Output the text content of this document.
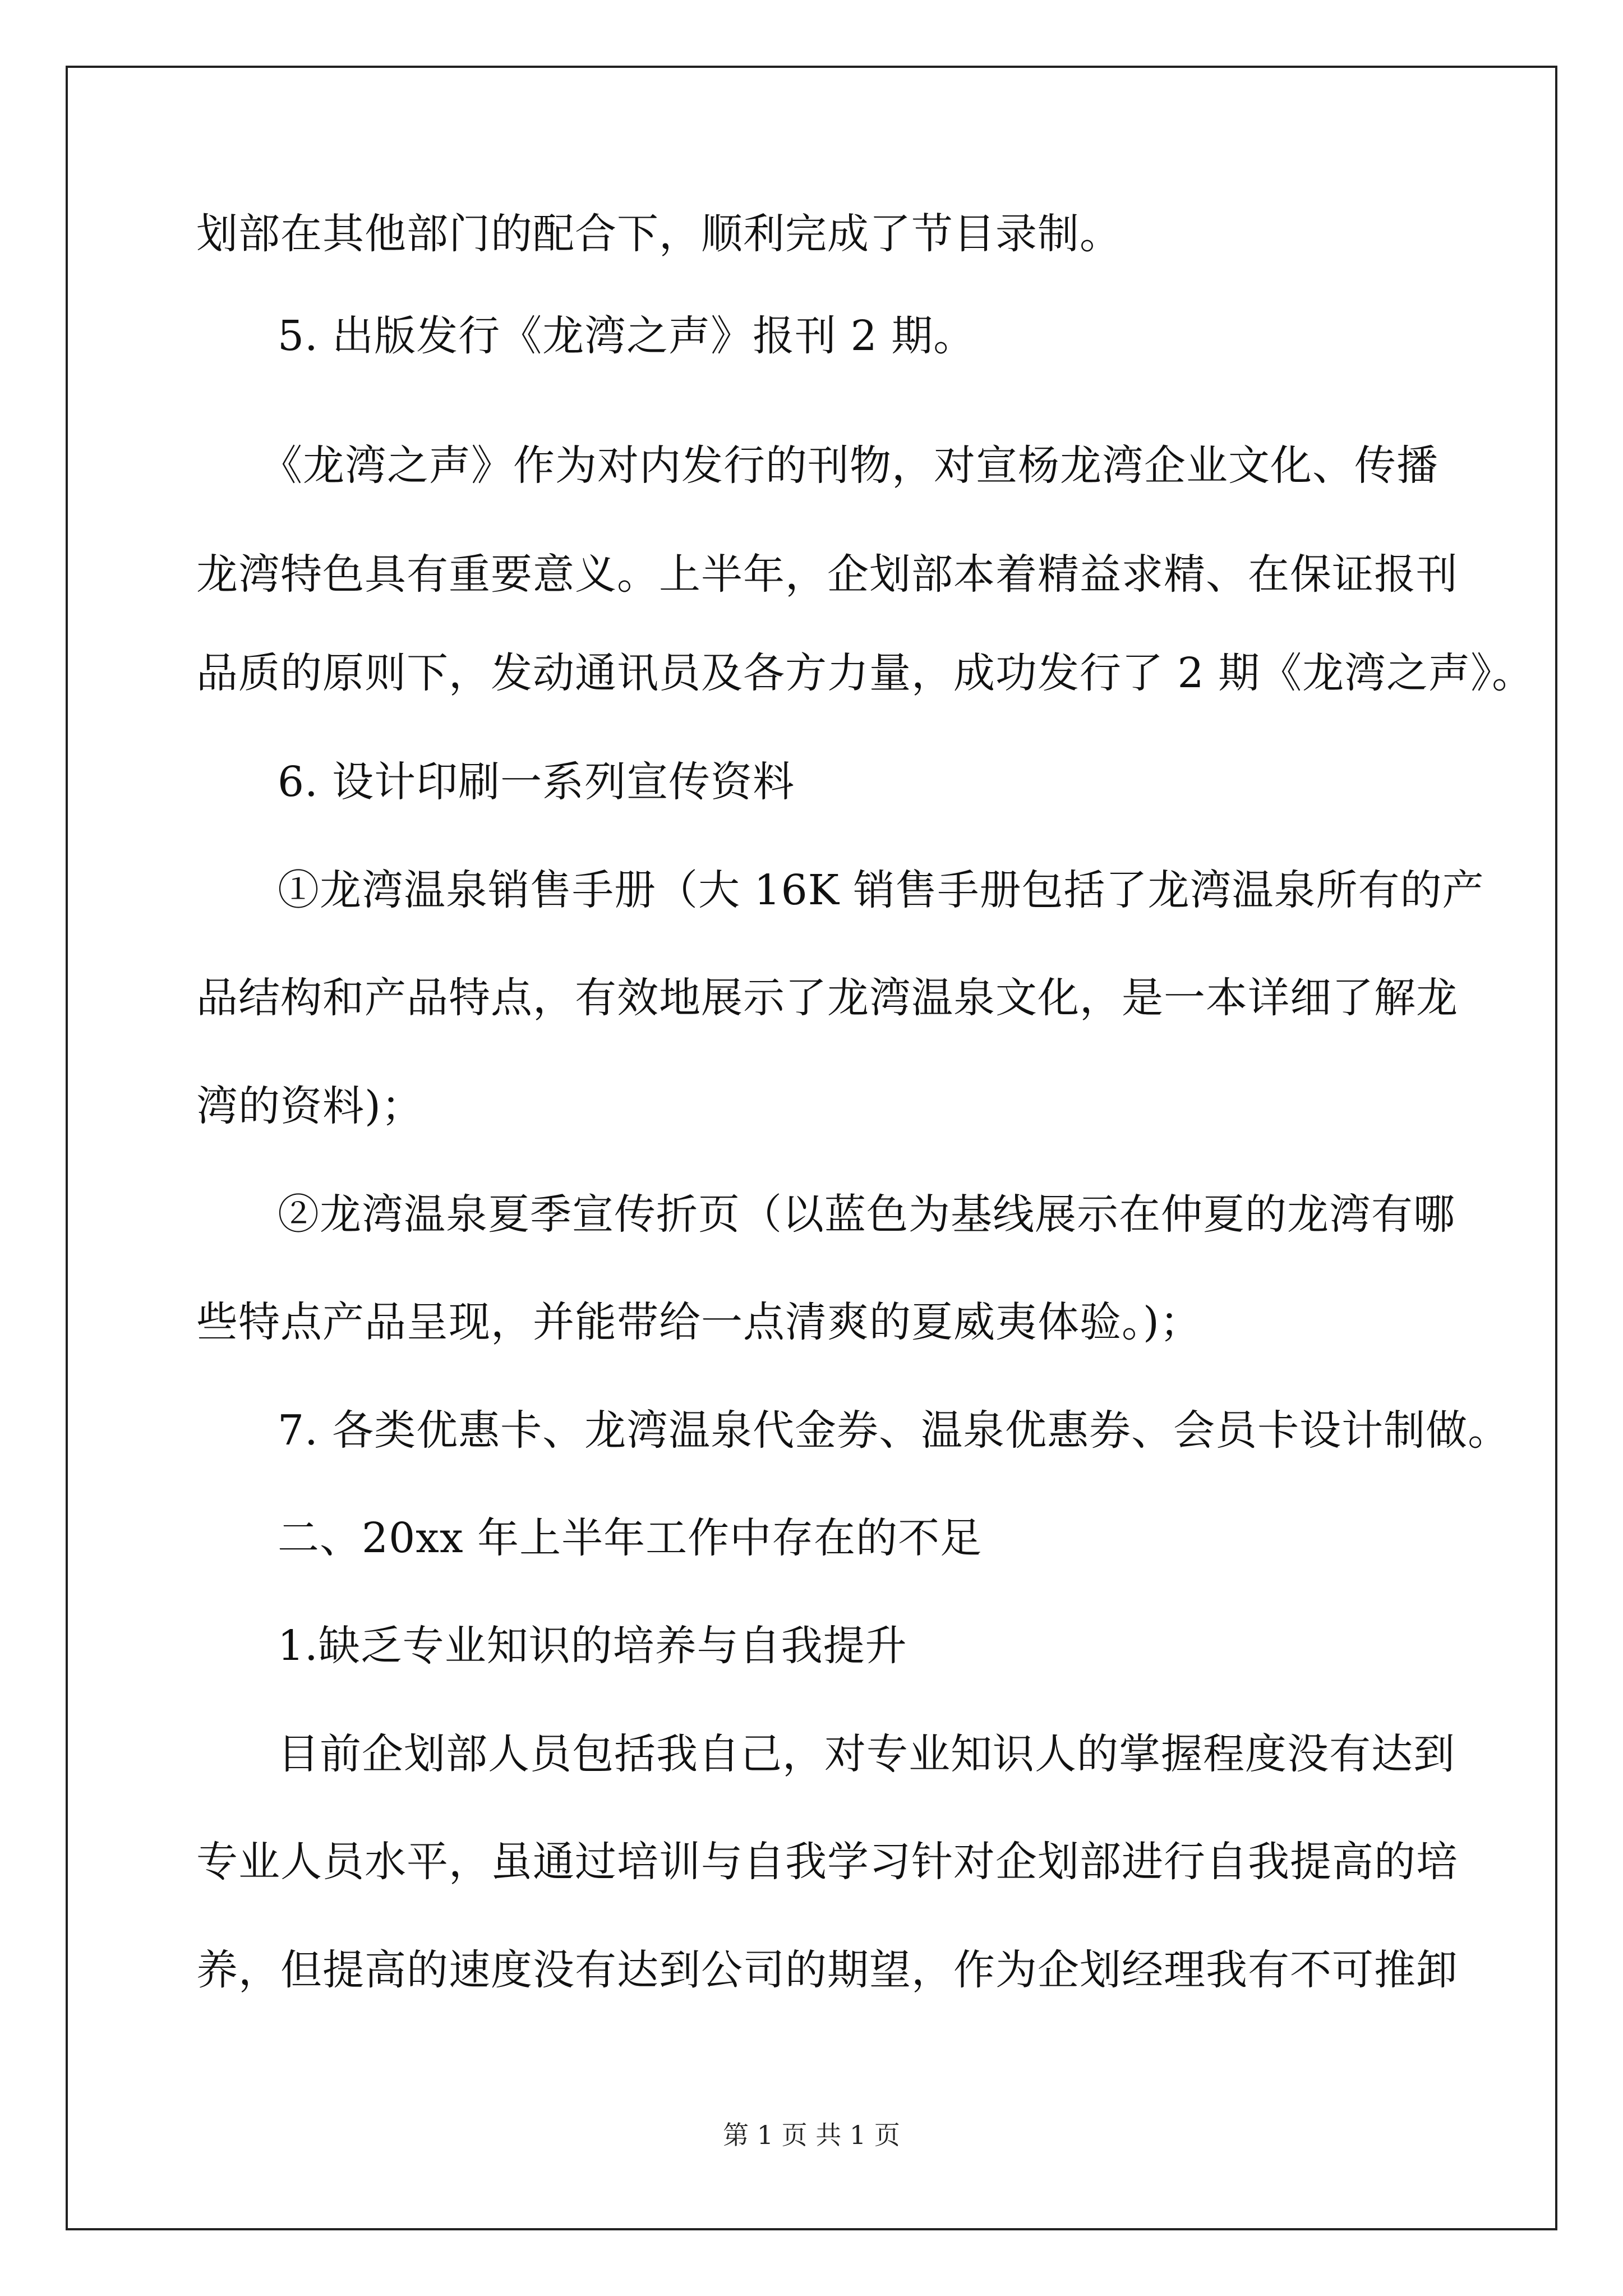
划部在其他部门的配合下，顺利完成了节目录制。
5. 出版发行《龙湾之声》报刊 2 期。
《龙湾之声》作为对内发行的刊物，对宣杨龙湾企业文化、传播
龙湾特色具有重要意义。上半年，企划部本着精益求精、在保证报刊
品质的原则下，发动通讯员及各方力量，成功发行了 2 期《龙湾之声》。
6. 设计印刷一系列宣传资料
①龙湾温泉销售手册（大 16K 销售手册包括了龙湾温泉所有的产
品结构和产品特点，有效地展示了龙湾温泉文化，是一本详细了解龙
湾的资料)；
②龙湾温泉夏季宣传折页（以蓝色为基线展示在仲夏的龙湾有哪
些特点产品呈现，并能带给一点清爽的夏威夷体验。)；
7. 各类优惠卡、龙湾温泉代金券、温泉优惠券、会员卡设计制做。
二、20xx 年上半年工作中存在的不足
1.缺乏专业知识的培养与自我提升
目前企划部人员包括我自己，对专业知识人的掌握程度没有达到
专业人员水平，虽通过培训与自我学习针对企划部进行自我提高的培
养，但提高的速度没有达到公司的期望，作为企划经理我有不可推卸
第 1 页 共 1 页
